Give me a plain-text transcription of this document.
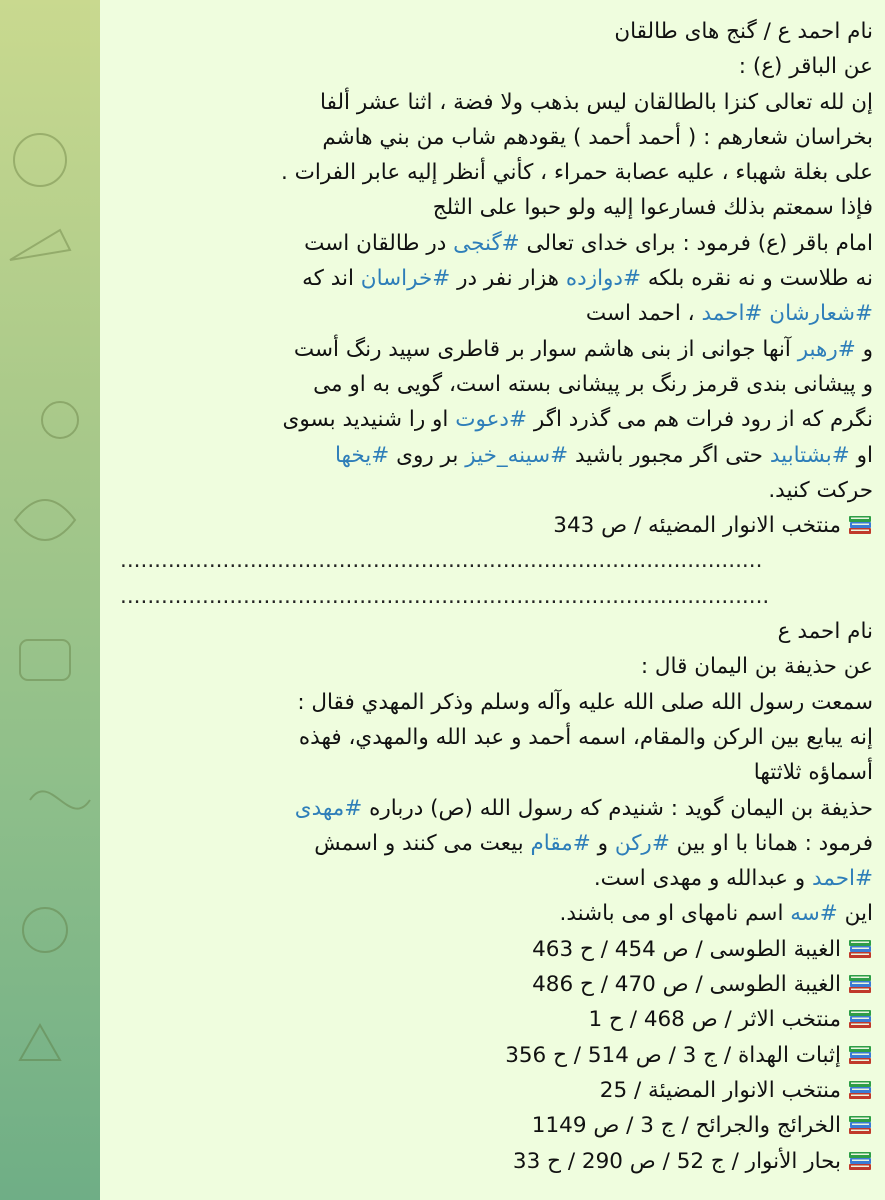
نام احمد ع / گنج های طالقان
عن الباقر (ع) :
إن لله تعالى كنزا بالطالقان ليس بذهب ولا فضة ، اثنا عشر ألفا
بخراسان شعارهم : ( أحمد أحمد ) يقودهم شاب من بني هاشم
على بغلة شهباء ، عليه عصابة حمراء ، كأني أنظر إليه عابر الفرات .
فإذا سمعتم بذلك فسارعوا إليه ولو حبوا على الثلج
امام باقر (ع) فرمود : برای خدای تعالی #گنجی در طالقان است
نه طلاست و نه نقره بلکه #دوازده هزار نفر در #خراسان اند که
#شعارشان #احمد ، احمد است
و #رهبر آنها جوانی از بنی هاشم سوار بر قاطری سپید رنگ أست
و پیشانی بندی قرمز رنگ بر پیشانی بسته است، گویی به او می
نگرم که از رود فرات هم می گذرد اگر #دعوت او را شنیدید بسوی
او #بشتابید حتی اگر مجبور باشید #سینه_خیز بر روی #یخها
حرکت کنید.
منتخب الانوار المضیئه / ص 343
..............................................................................................
...............................................................................................
نام احمد ع
عن حذيفة بن اليمان قال :
سمعت رسول الله صلى الله عليه وآله وسلم وذكر المهدي فقال :
إنه يبايع بين الركن والمقام، اسمه أحمد و عبد الله والمهدي، فهذه
أسماؤه ثلاثتها
حذيفة بن اليمان گويد : شنیدم که رسول الله (ص) درباره #مهدی
فرمود : همانا با او بین #رکن و #مقام بیعت می کنند و اسمش
#احمد و عبدالله و مهدی است.
این #سه اسم نامهای او می باشند.
الغيبة الطوسی / ص 454 / ح 463
الغيبة الطوسی / ص 470 / ح 486
منتخب الاثر / ص 468 / ح 1
إثبات الهداة / ج 3 / ص 514 / ح 356
منتخب الانوار المضیئة / 25
الخرائج والجرائح / ج 3 / ص 1149
بحار الأنوار / ج 52 / ص 290 / ح 33
